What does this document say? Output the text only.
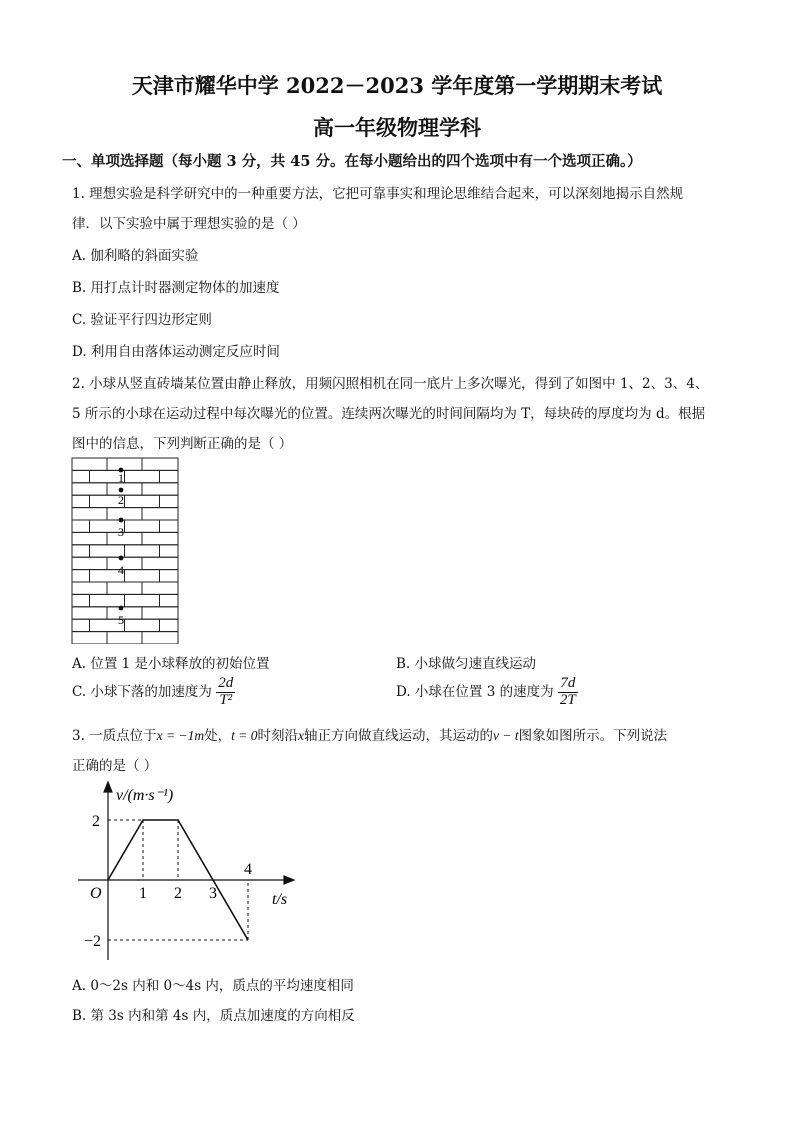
天津市耀华中学 2022－2023 学年度第一学期期末考试
高一年级物理学科
一、单项选择题（每小题 3 分，共 45 分。在每小题给出的四个选项中有一个选项正确。）
1. 理想实验是科学研究中的一种重要方法，它把可靠事实和理论思维结合起来，可以深刻地揭示自然规
律．以下实验中属于理想实验的是（ ）
A. 伽利略的斜面实验
B. 用打点计时器测定物体的加速度
C. 验证平行四边形定则
D. 利用自由落体运动测定反应时间
2. 小球从竖直砖墙某位置由静止释放，用频闪照相机在同一底片上多次曝光，得到了如图中 1、2、3、4、
5 所示的小球在运动过程中每次曝光的位置。连续两次曝光的时间间隔均为 T，每块砖的厚度均为 d。根据
图中的信息，下列判断正确的是（ ）
1
2
3
4
5
A. 位置 1 是小球释放的初始位置	B. 小球做匀速直线运动
C. 小球下落的加速度为 $\frac{2d}{\text{T²}}$	D. 小球在位置 3 的速度为 $\frac{7d}{2T}$
3. 一质点位于x = −1m处，t = 0时刻沿x轴正方向做直线运动，其运动的v − t图象如图所示。下列说法
正确的是（ ）
v/(m·s⁻¹)
t/s
O
2
−2
1 2 3
4
A. 0～2s 内和 0～4s 内，质点的平均速度相同
B. 第 3s 内和第 4s 内，质点加速度的方向相反
